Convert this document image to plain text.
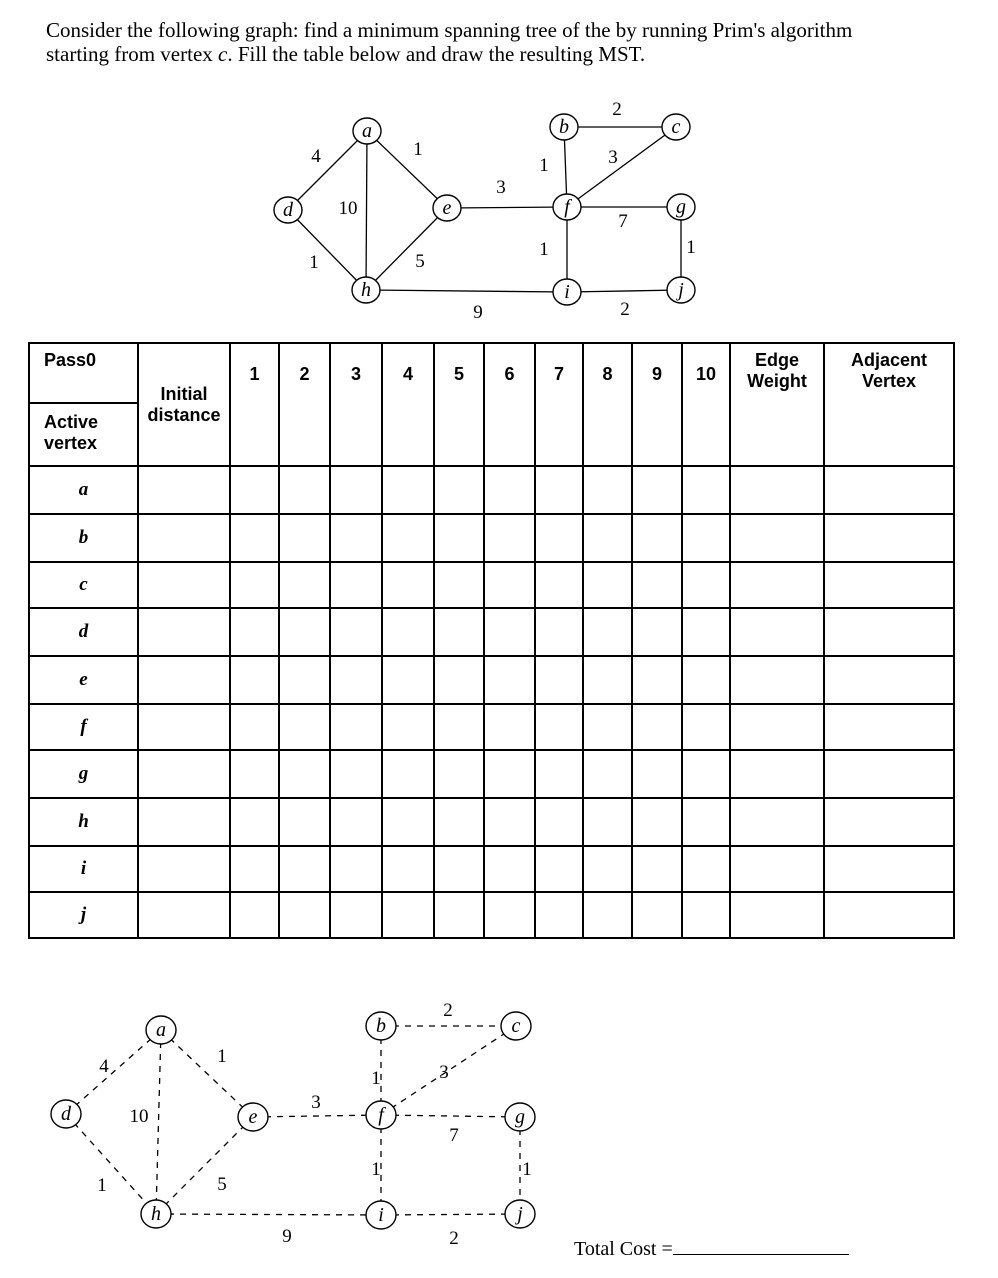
Consider the following graph: find a minimum spanning tree of the by running Prim's algorithm
starting from vertex c. Fill the table below and draw the resulting MST.

4	1
10
1	5
3
1
2
3
7
1
9
1
2
a	b	c
d	e	f	g
h	i	j
4	1
10
1	5
3
1
2
3
7
1
9
1
2
a	b	c
d	e	f	g
h	i	j
Pass0	Initial distance	1	2	3	4	5	6	7	8	9	10	Edge Weight	Adjacent Vertex
Active vertex													
a													
b													
c													
d													
e													
f													
g													
h													
i													
j													
Total Cost =
